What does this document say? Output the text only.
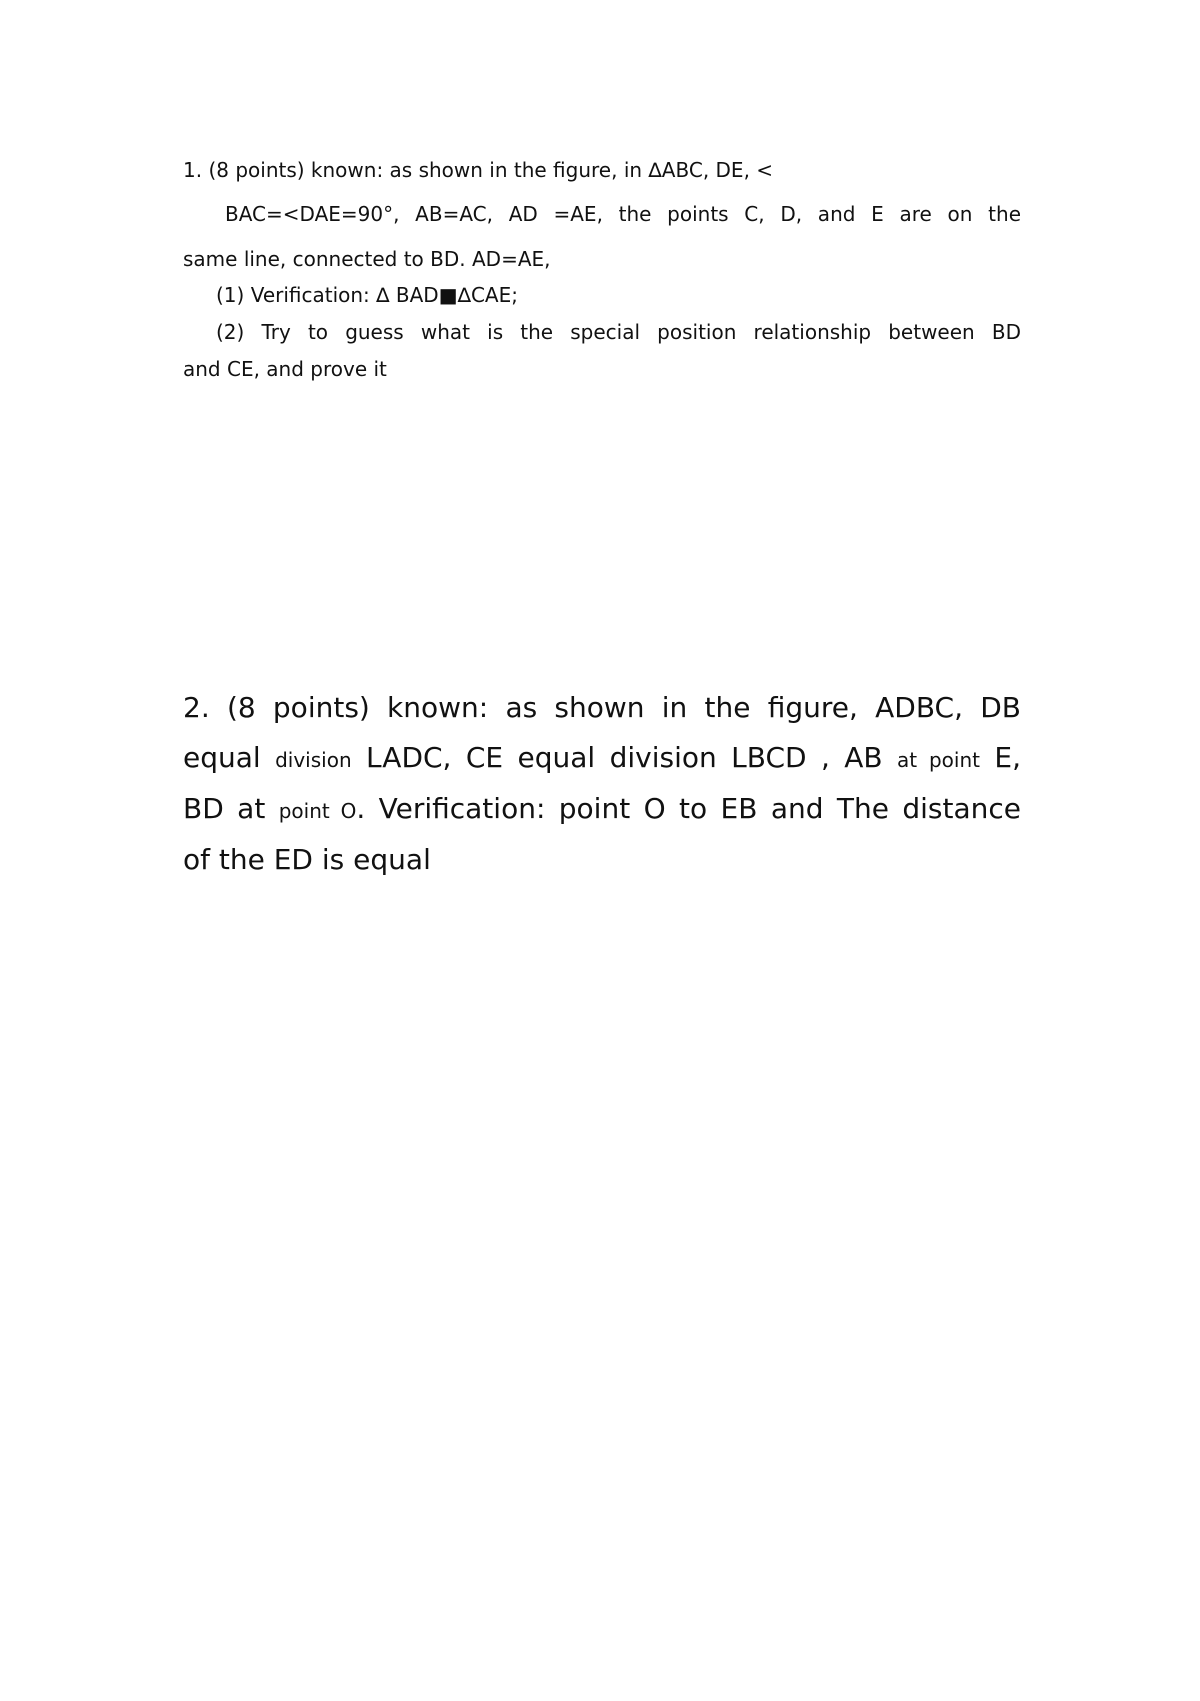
1. (8 points) known: as shown in the figure, in ∆ABC, DE, <
BAC=<DAE=90°, AB=AC, AD =AE, the points C, D, and E are on the
same line, connected to BD. AD=AE,
(1) Verification: ∆ BAD■∆CAE;
(2) Try to guess what is the special position relationship between BD
and CE, and prove it
2. (8 points) known: as shown in the figure, ADBC, DB
equal division LADC, CE equal division LBCD , AB at point E,
BD at point O. Verification: point O to EB and The distance
of the ED is equal
